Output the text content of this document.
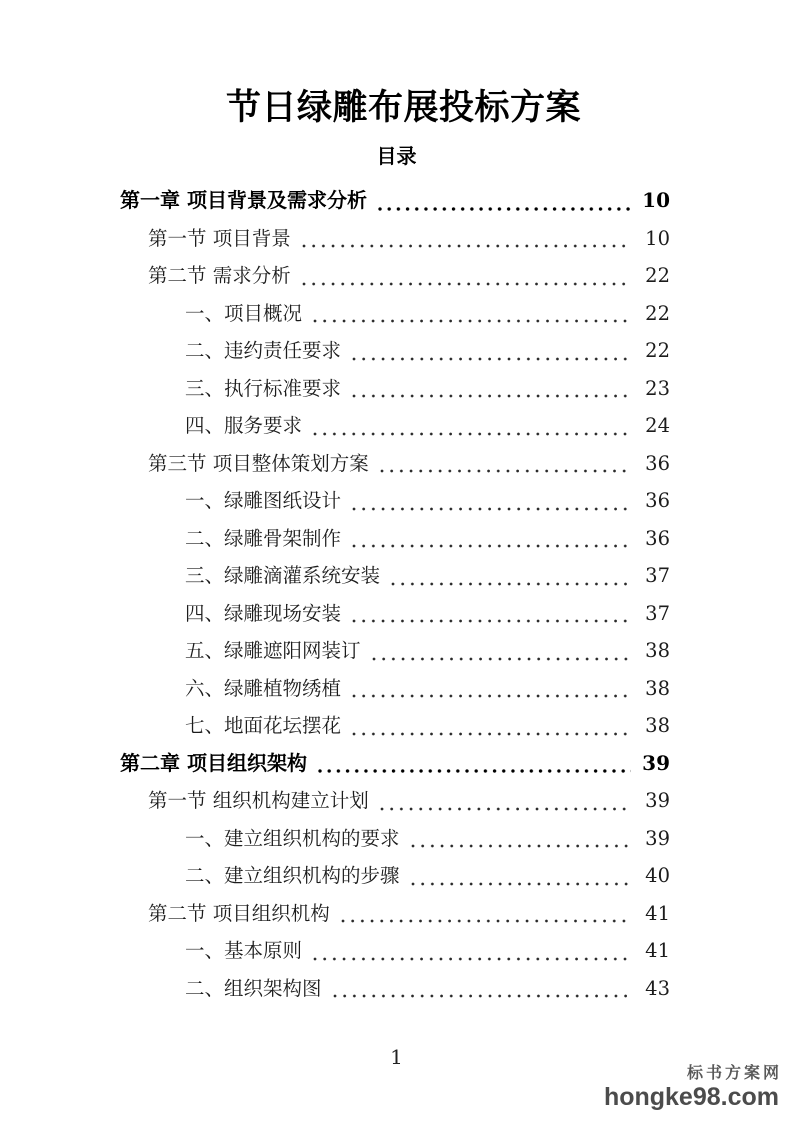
节日绿雕布展投标方案
目录
第一章 项目背景及需求分析	10
第一节 项目背景	10
第二节 需求分析	22
一、项目概况	22
二、违约责任要求	22
三、执行标准要求	23
四、服务要求	24
第三节 项目整体策划方案	36
一、绿雕图纸设计	36
二、绿雕骨架制作	36
三、绿雕滴灌系统安装	37
四、绿雕现场安装	37
五、绿雕遮阳网装订	38
六、绿雕植物绣植	38
七、地面花坛摆花	38
第二章 项目组织架构	39
第一节 组织机构建立计划	39
一、建立组织机构的要求	39
二、建立组织机构的步骤	40
第二节 项目组织机构	41
一、基本原则	41
二、组织架构图	43
1
标书方案网
hongke98.com
